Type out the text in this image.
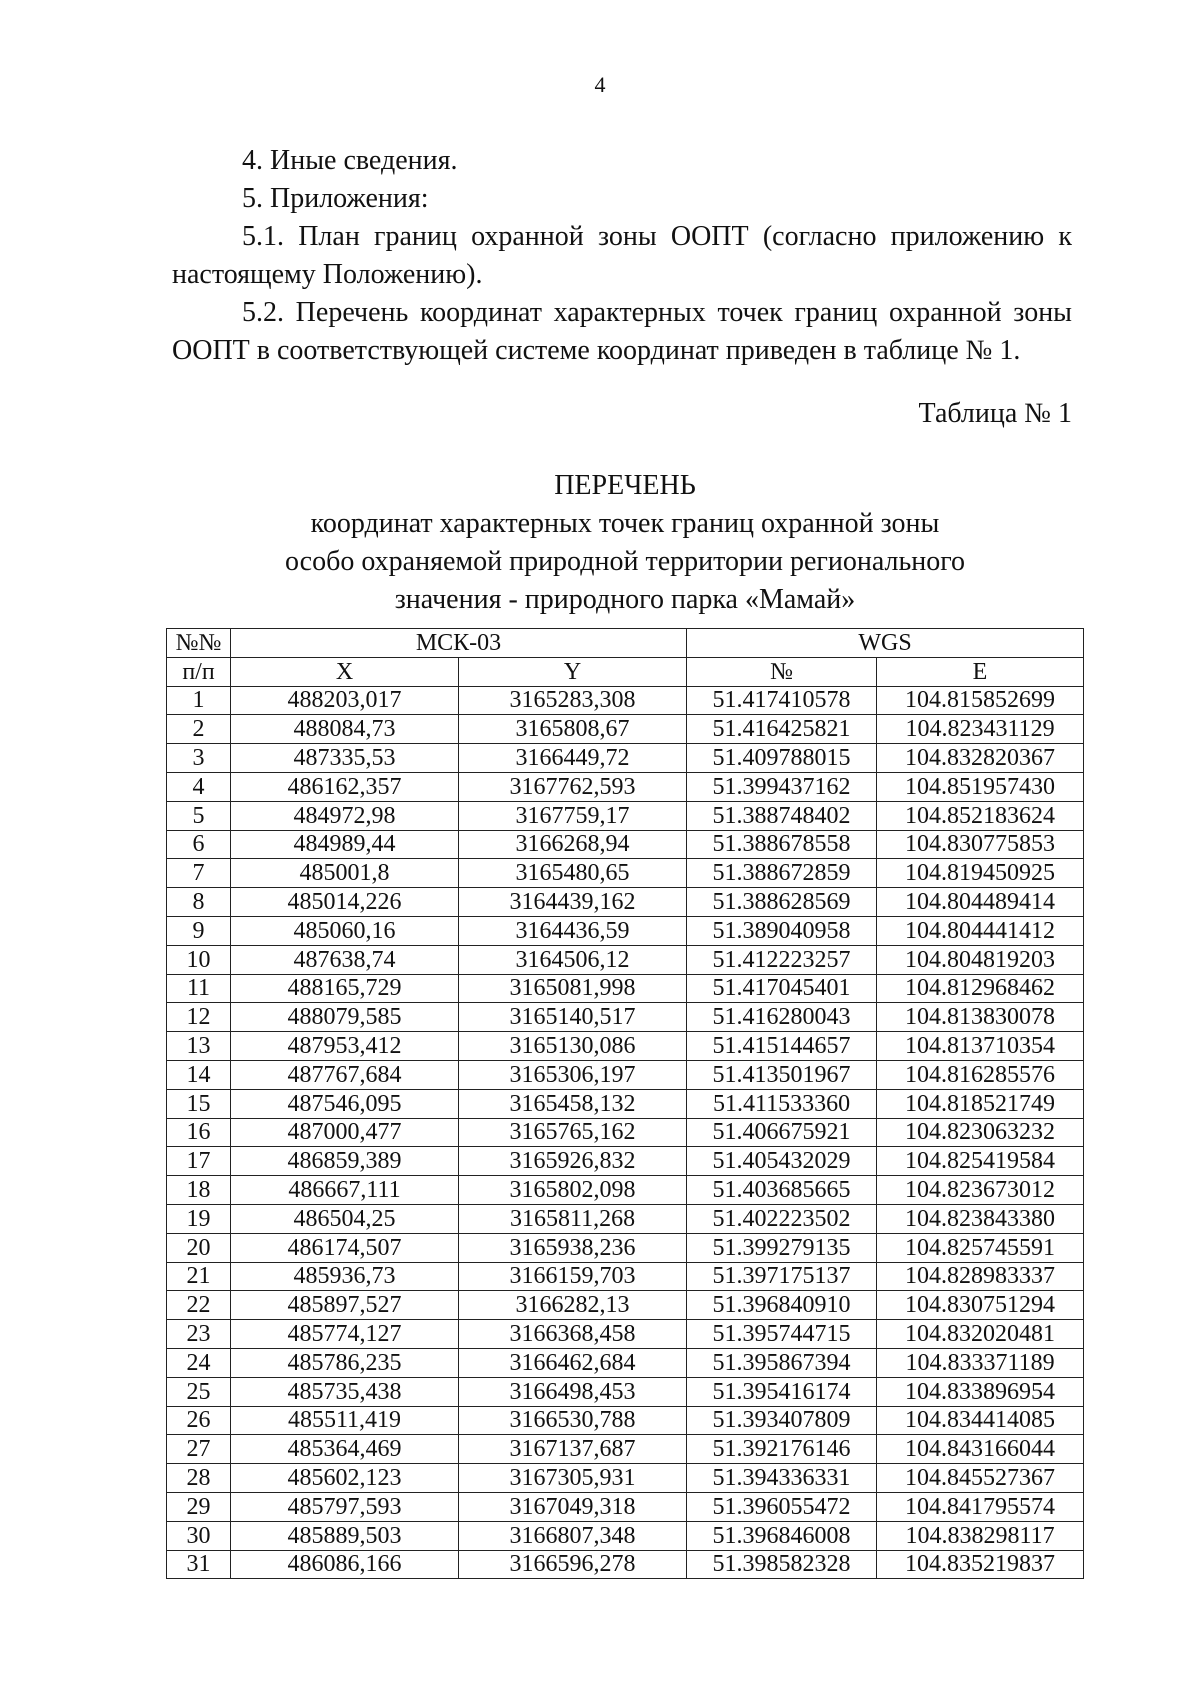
4

4. Иные сведения.

5. Приложения:

5.1. План границ охранной зоны ООПТ (согласно приложению к настоящему Положению).

5.2. Перечень координат характерных точек границ охранной зоны ООПТ в соответствующей системе координат приведен в таблице № 1.

Таблица № 1
ПЕРЕЧЕНЬ
координат характерных точек границ охранной зоны
особо охраняемой природной территории регионального
значения - природного парка «Мамай»
№№	МСК-03		WGS	
п/п	X	Y	№	E
1	488203,017	3165283,308	51.417410578	104.815852699
2	488084,73	3165808,67	51.416425821	104.823431129
3	487335,53	3166449,72	51.409788015	104.832820367
4	486162,357	3167762,593	51.399437162	104.851957430
5	484972,98	3167759,17	51.388748402	104.852183624
6	484989,44	3166268,94	51.388678558	104.830775853
7	485001,8	3165480,65	51.388672859	104.819450925
8	485014,226	3164439,162	51.388628569	104.804489414
9	485060,16	3164436,59	51.389040958	104.804441412
10	487638,74	3164506,12	51.412223257	104.804819203
11	488165,729	3165081,998	51.417045401	104.812968462
12	488079,585	3165140,517	51.416280043	104.813830078
13	487953,412	3165130,086	51.415144657	104.813710354
14	487767,684	3165306,197	51.413501967	104.816285576
15	487546,095	3165458,132	51.411533360	104.818521749
16	487000,477	3165765,162	51.406675921	104.823063232
17	486859,389	3165926,832	51.405432029	104.825419584
18	486667,111	3165802,098	51.403685665	104.823673012
19	486504,25	3165811,268	51.402223502	104.823843380
20	486174,507	3165938,236	51.399279135	104.825745591
21	485936,73	3166159,703	51.397175137	104.828983337
22	485897,527	3166282,13	51.396840910	104.830751294
23	485774,127	3166368,458	51.395744715	104.832020481
24	485786,235	3166462,684	51.395867394	104.833371189
25	485735,438	3166498,453	51.395416174	104.833896954
26	485511,419	3166530,788	51.393407809	104.834414085
27	485364,469	3167137,687	51.392176146	104.843166044
28	485602,123	3167305,931	51.394336331	104.845527367
29	485797,593	3167049,318	51.396055472	104.841795574
30	485889,503	3166807,348	51.396846008	104.838298117
31	486086,166	3166596,278	51.398582328	104.835219837
